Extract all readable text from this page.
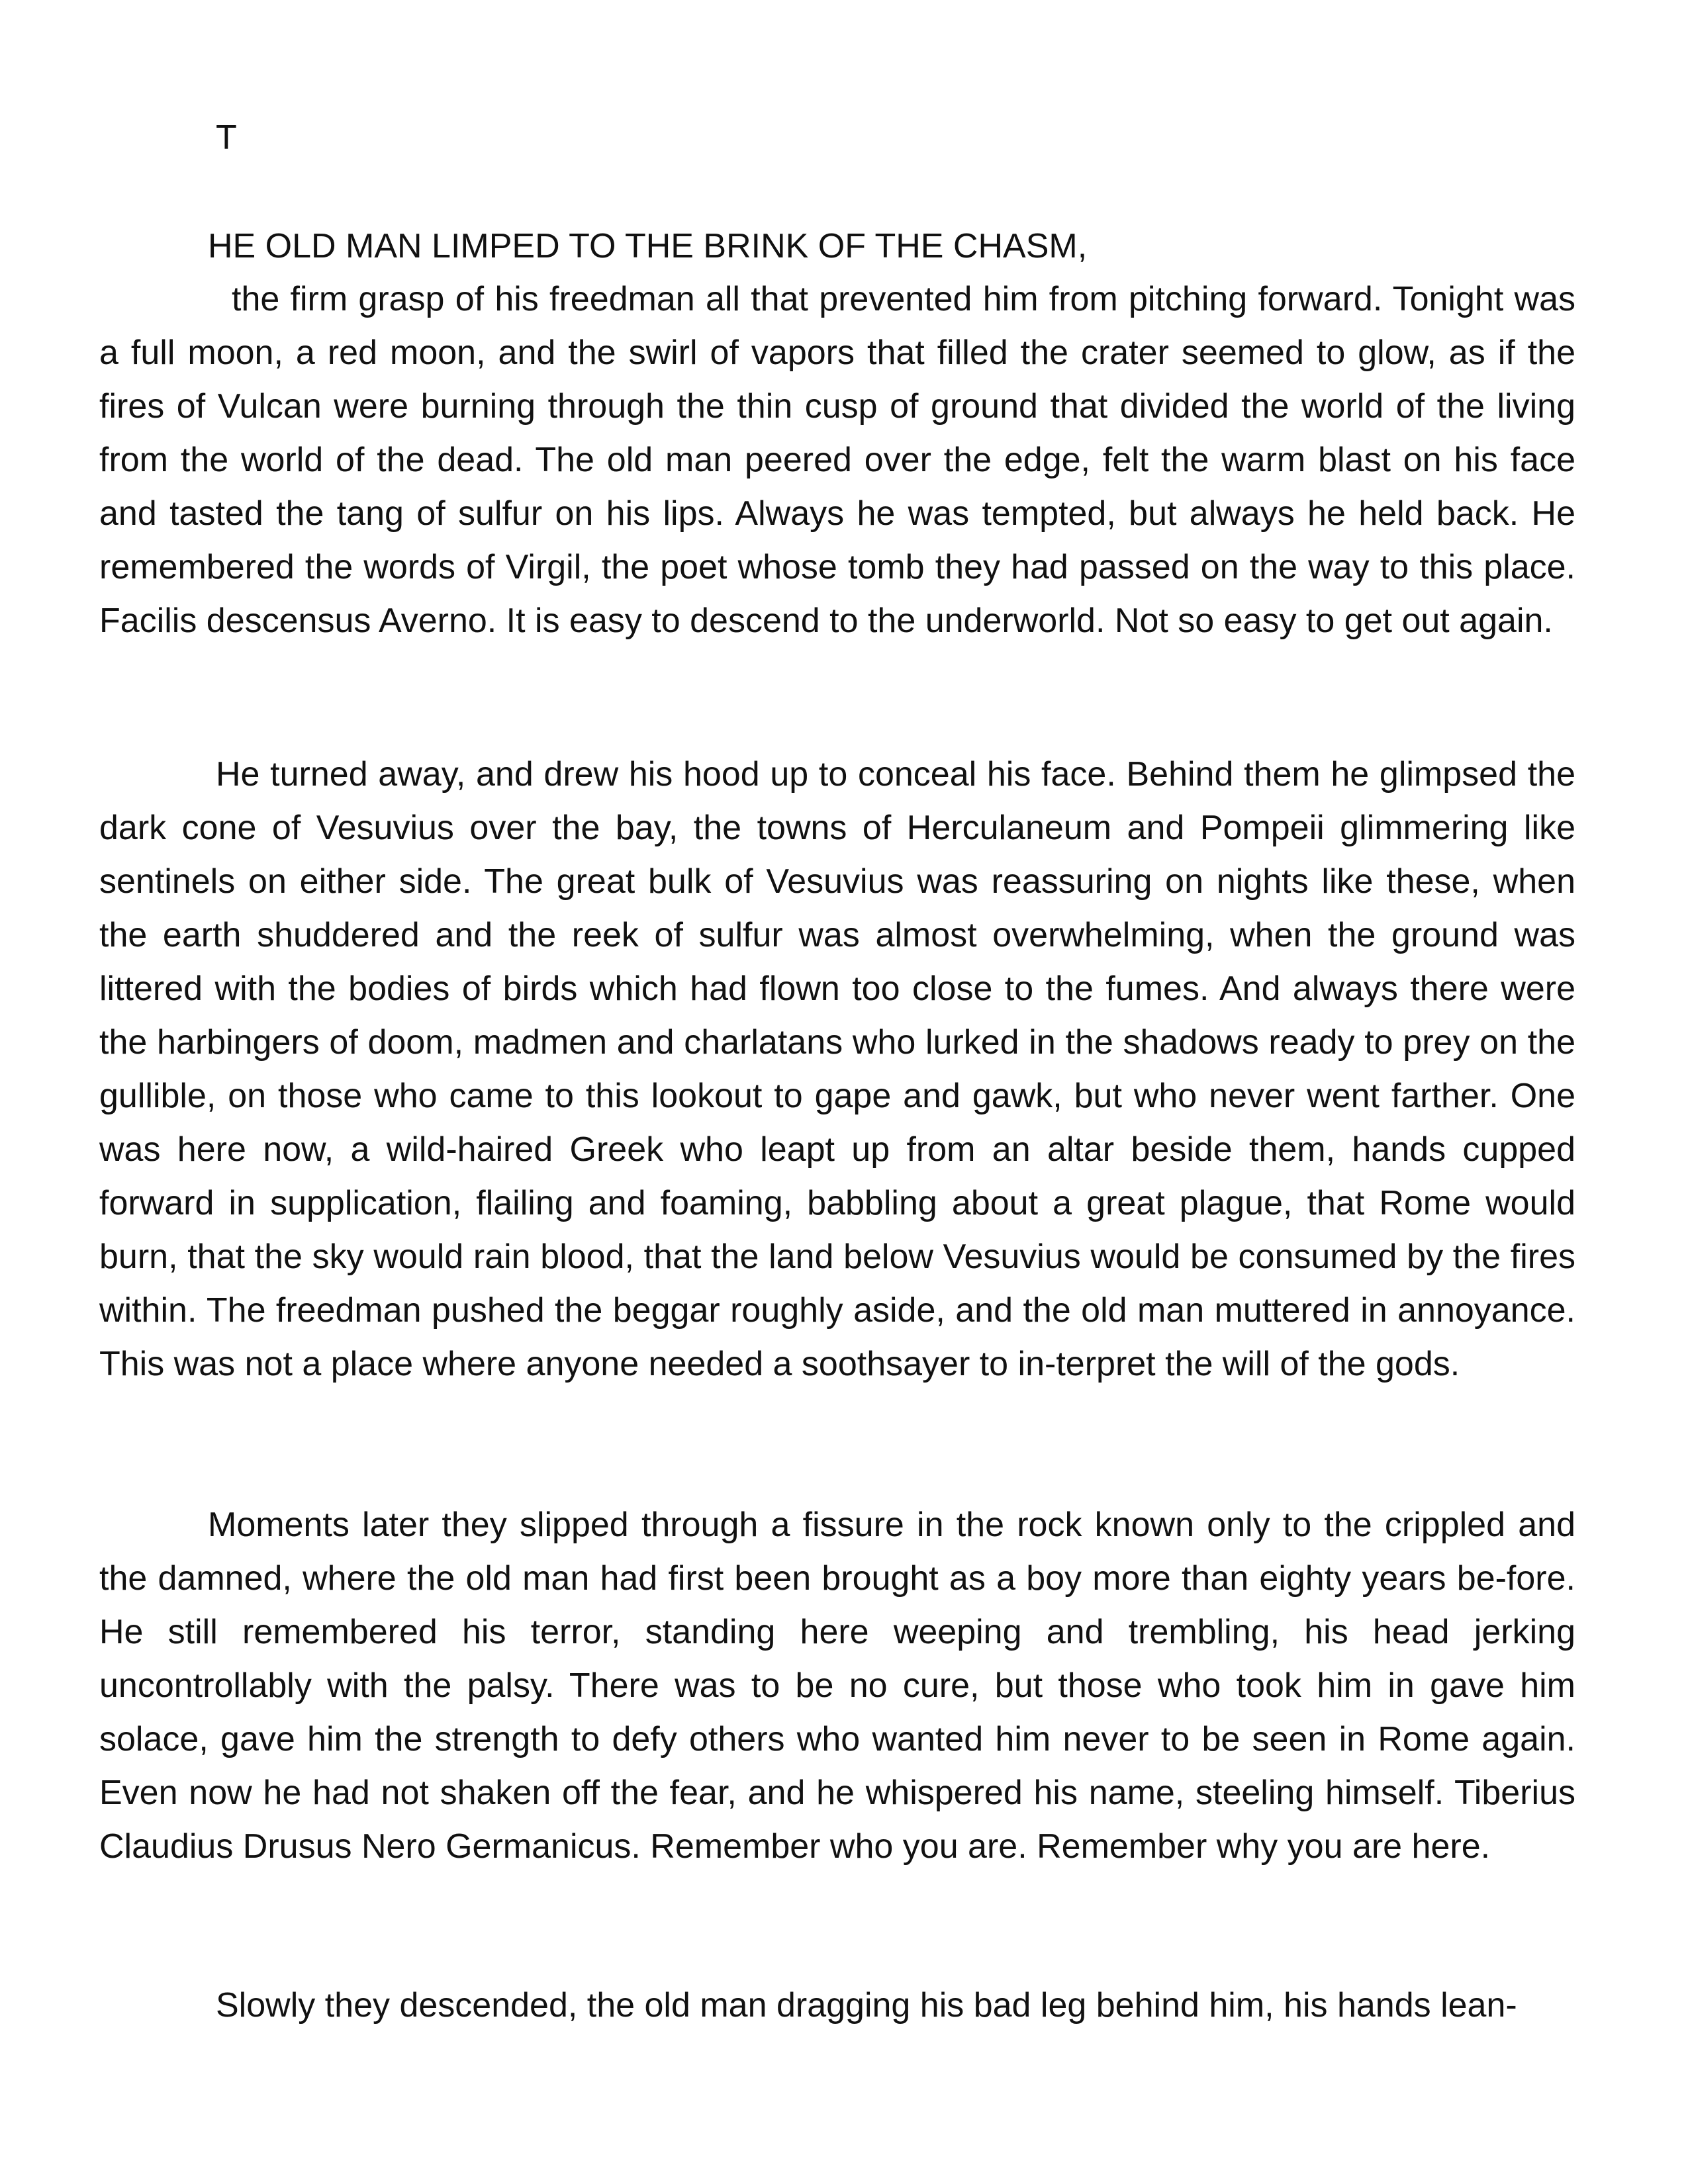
T

HE OLD MAN LIMPED TO THE BRINK OF THE CHASM,

the firm grasp of his freedman all that prevented him from pitching forward. Tonight was a full moon, a red moon, and the swirl of vapors that filled the crater seemed to glow, as if the fires of Vulcan were burning through the thin cusp of ground that divided the world of the living from the world of the dead. The old man peered over the edge, felt the warm blast on his face and tasted the tang of sulfur on his lips. Always he was tempted, but always he held back. He remembered the words of Virgil, the poet whose tomb they had passed on the way to this place. Facilis descensus Averno. It is easy to descend to the underworld. Not so easy to get out again.

He turned away, and drew his hood up to conceal his face. Behind them he glimpsed the dark cone of Vesuvius over the bay, the towns of Herculaneum and Pompeii glimmering like sentinels on either side. The great bulk of Vesuvius was reassuring on nights like these, when the earth shuddered and the reek of sulfur was almost overwhelming, when the ground was littered with the bodies of birds which had flown too close to the fumes. And always there were the harbingers of doom, madmen and charlatans who lurked in the shadows ready to prey on the gullible, on those who came to this lookout to gape and gawk, but who never went farther. One was here now, a wild-haired Greek who leapt up from an altar beside them, hands cupped forward in supplication, flailing and foaming, babbling about a great plague, that Rome would burn, that the sky would rain blood, that the land below Vesuvius would be consumed by the fires within. The freedman pushed the beggar roughly aside, and the old man muttered in annoyance. This was not a place where anyone needed a soothsayer to in-terpret the will of the gods.

Moments later they slipped through a fissure in the rock known only to the crippled and the damned, where the old man had first been brought as a boy more than eighty years be-fore. He still remembered his terror, standing here weeping and trembling, his head jerking uncontrollably with the palsy. There was to be no cure, but those who took him in gave him solace, gave him the strength to defy others who wanted him never to be seen in Rome again. Even now he had not shaken off the fear, and he whispered his name, steeling himself. Tiberius Claudius Drusus Nero Germanicus. Remember who you are. Remember why you are here.

Slowly they descended, the old man dragging his bad leg behind him, his hands lean-
